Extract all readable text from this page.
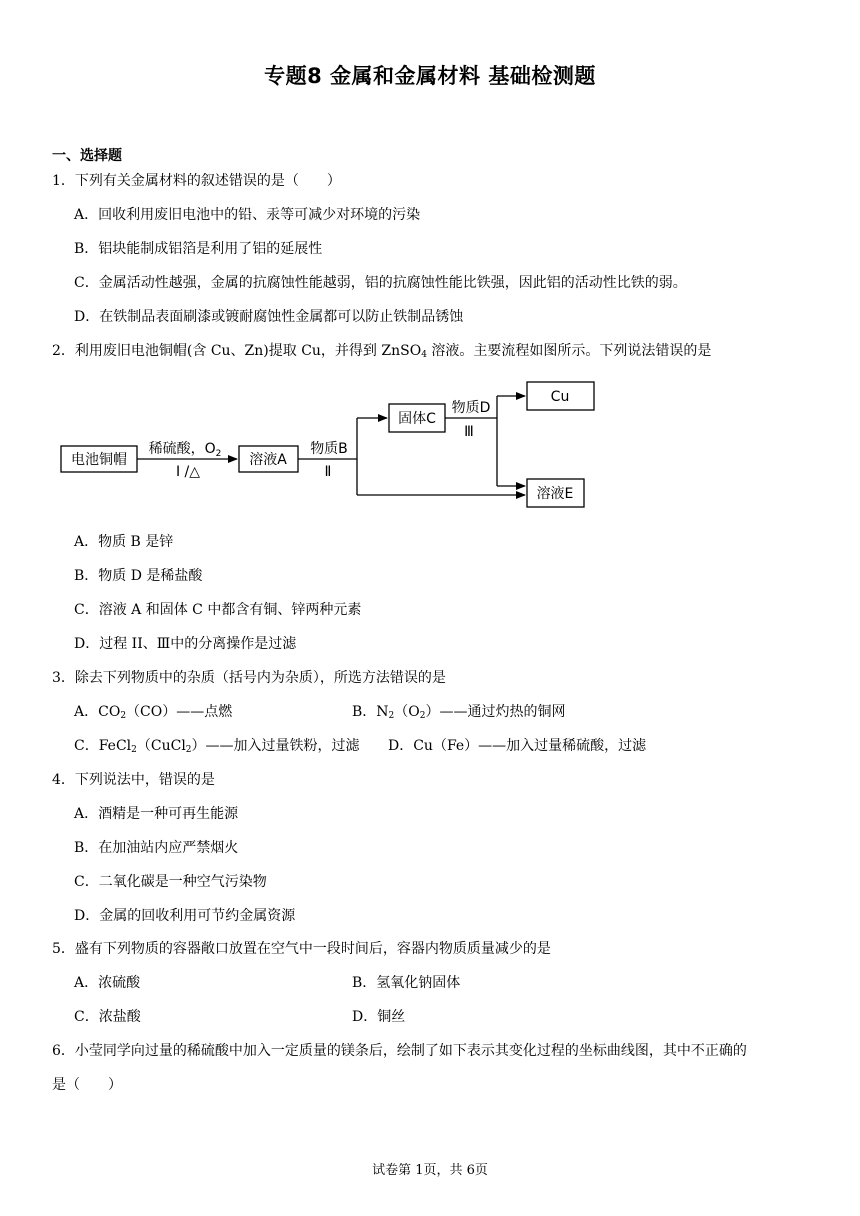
专题8 金属和金属材料 基础检测题
一、选择题
1．下列有关金属材料的叙述错误的是（　　）
A．回收利用废旧电池中的铅、汞等可减少对环境的污染
B．铝块能制成铝箔是利用了铝的延展性
C．金属活动性越强，金属的抗腐蚀性能越弱，铝的抗腐蚀性能比铁强，因此铝的活动性比铁的弱。
D．在铁制品表面刷漆或镀耐腐蚀性金属都可以防止铁制品锈蚀
2．利用废旧电池铜帽(含 Cu、Zn)提取 Cu，并得到 ZnSO$_4$ 溶液。主要流程如图所示。下列说法错误的是
电池铜帽	溶液A
固体C
Cu
溶液E
稀硫酸，$O_2$
I /△
物质B
Ⅱ
物质D
Ⅲ
A．物质 B 是锌
B．物质 D 是稀盐酸
C．溶液 A 和固体 C 中都含有铜、锌两种元素
D．过程 II、Ⅲ中的分离操作是过滤
3．除去下列物质中的杂质（括号内为杂质），所选方法错误的是
A．$CO_2(CO)——$点燃	B．$N_2(O_2)——$通过灼热的铜网
C．FeCl$_2$（CuCl$_2$）——加入过量铁粉，过滤 D．Cu（Fe）——加入过量稀硫酸，过滤
4．下列说法中，错误的是
A．酒精是一种可再生能源
B．在加油站内应严禁烟火
C．二氧化碳是一种空气污染物
D．金属的回收利用可节约金属资源
5．盛有下列物质的容器敞口放置在空气中一段时间后，容器内物质质量减少的是
A．浓硫酸	B．氢氧化钠固体
C．浓盐酸	D．铜丝
6．小莹同学向过量的稀硫酸中加入一定质量的镁条后，绘制了如下表示其变化过程的坐标曲线图，其中不正确的
是（　　）
试卷第 1页，共 6页
